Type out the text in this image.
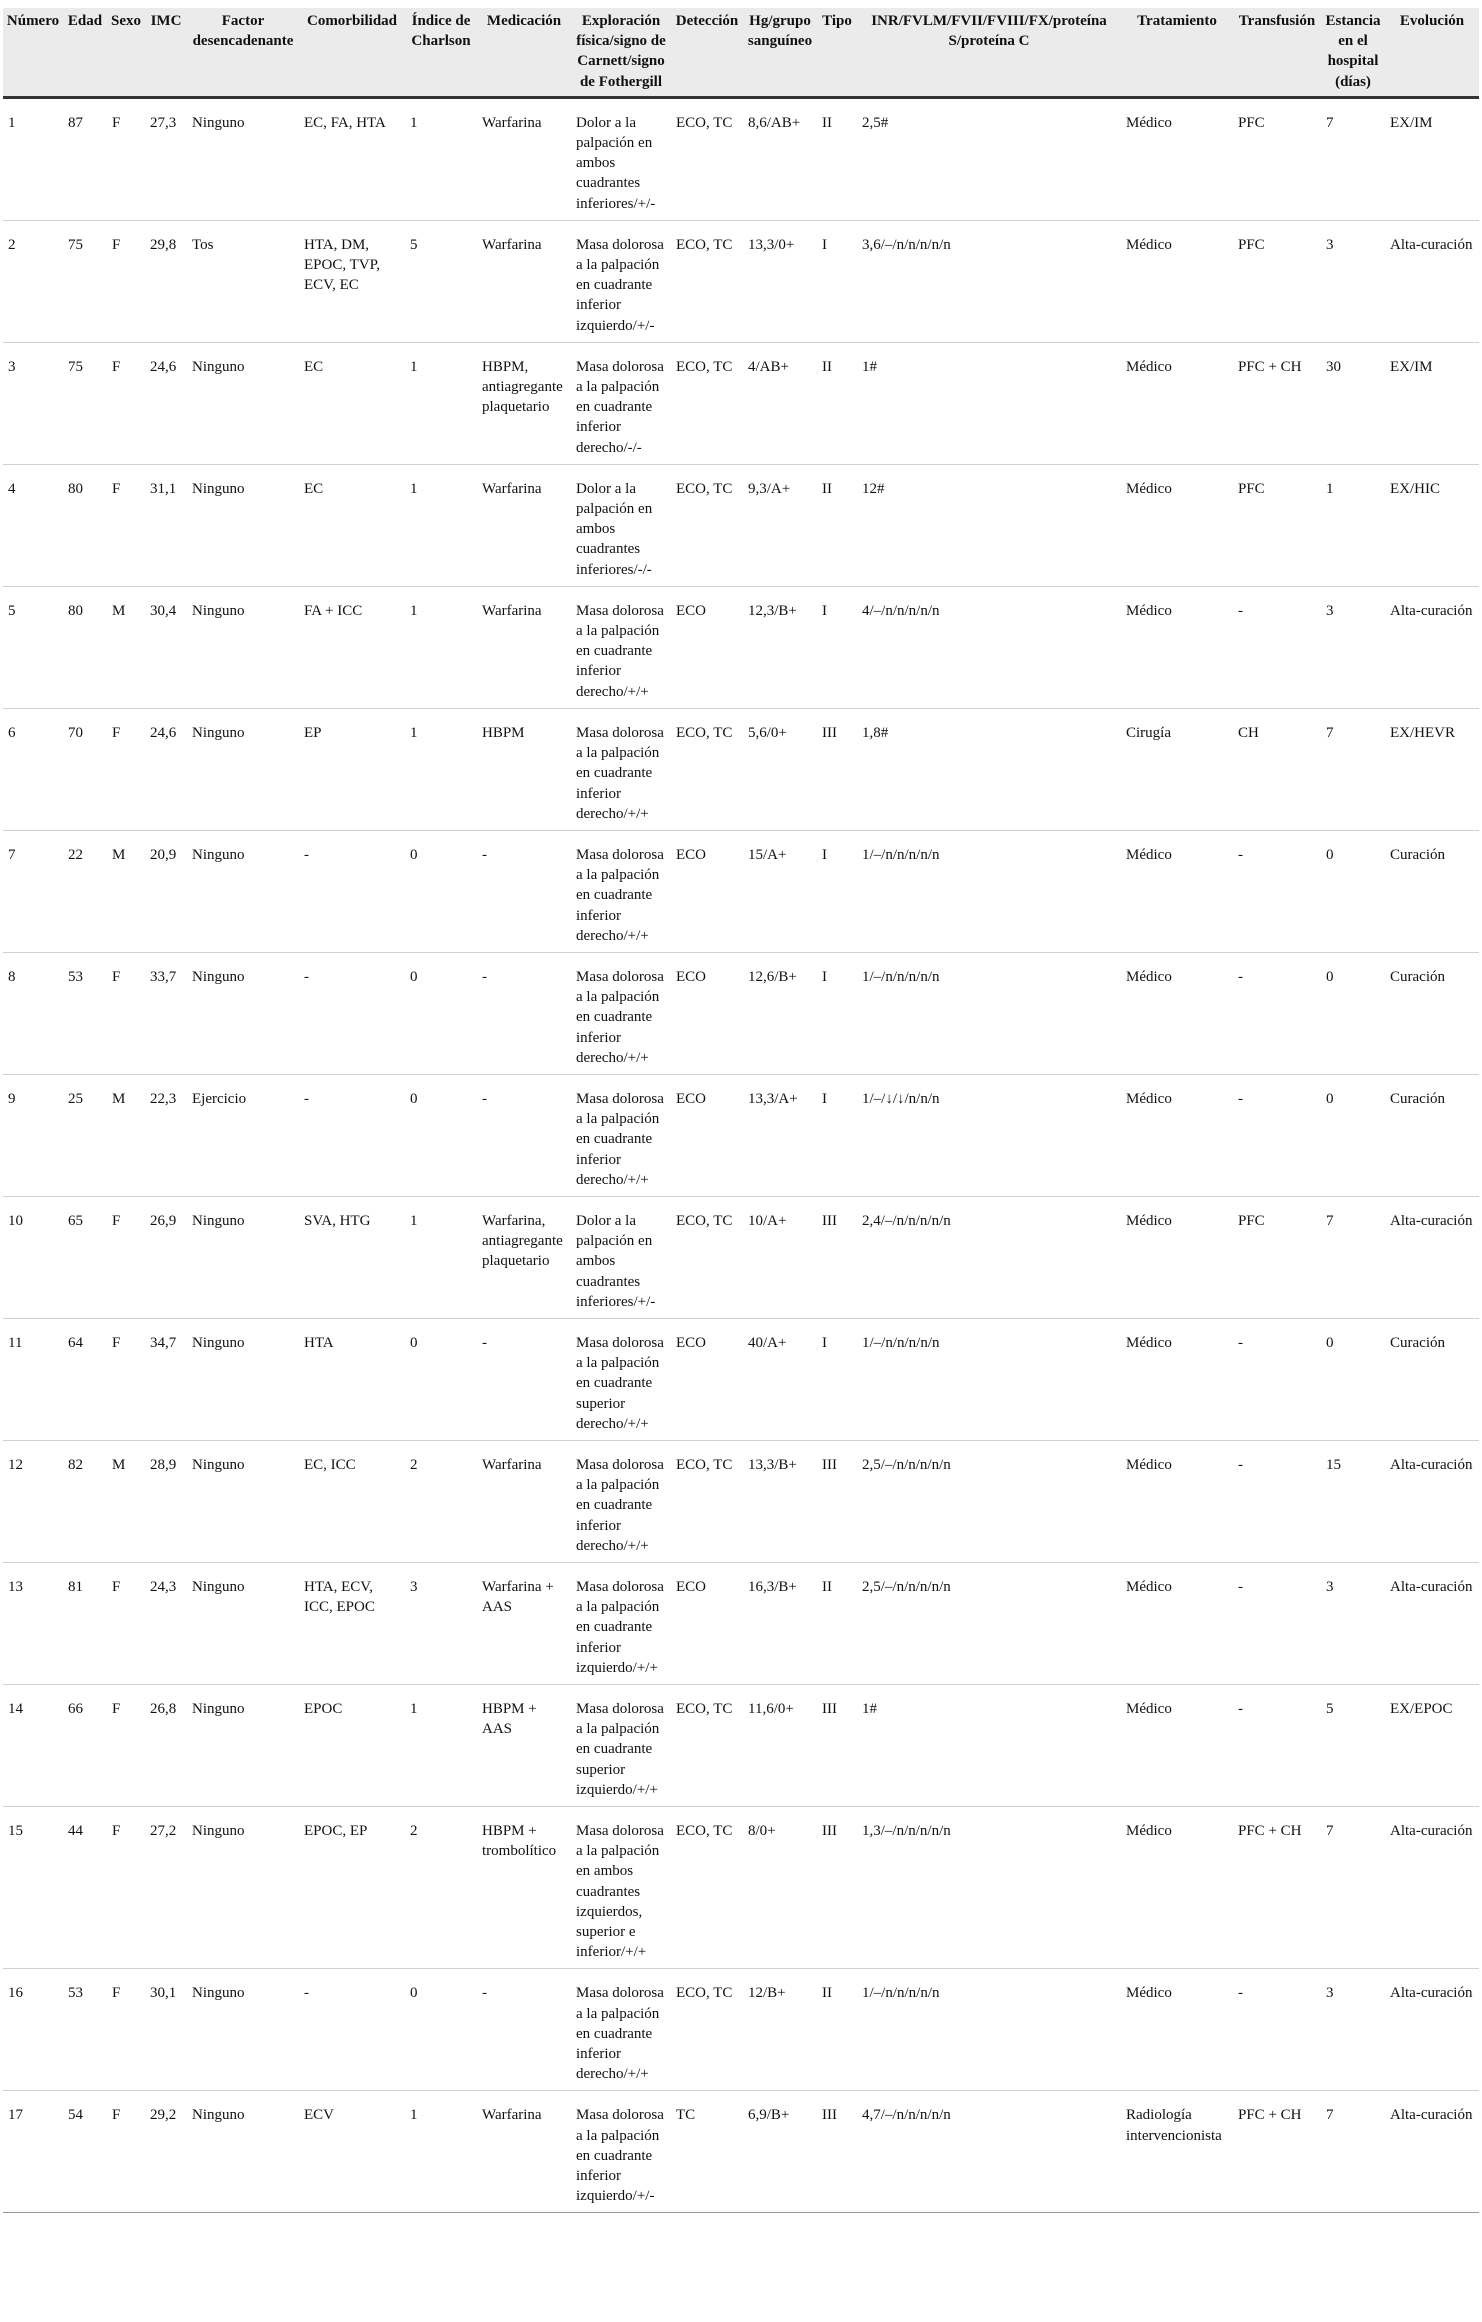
Número	Edad	Sexo	IMC	Factor desencadenante	Comorbilidad	Índice de Charlson	Medicación	Exploración física/signo de Carnett/signo de Fothergill	Detección	Hg/grupo sanguíneo	Tipo	INR/FVLM/FVII/FVIII/FX/proteína S/proteína C	Tratamiento	Transfusión	Estancia en el hospital (días)	Evolución
1	87	F	27,3	Ninguno	EC, FA, HTA	1	Warfarina	Dolor a la palpación en ambos cuadrantes inferiores/+/-	ECO, TC	8,6/AB+	II	2,5#	Médico	PFC	7	EX/IM
2	75	F	29,8	Tos	HTA, DM, EPOC, TVP, ECV, EC	5	Warfarina	Masa dolorosa a la palpación en cuadrante inferior izquierdo/+/-	ECO, TC	13,3/0+	I	3,6/–/n/n/n/n/n	Médico	PFC	3	Alta-curación
3	75	F	24,6	Ninguno	EC	1	HBPM, antiagregante plaquetario	Masa dolorosa a la palpación en cuadrante inferior derecho/-/-	ECO, TC	4/AB+	II	1#	Médico	PFC + CH	30	EX/IM
4	80	F	31,1	Ninguno	EC	1	Warfarina	Dolor a la palpación en ambos cuadrantes inferiores/-/-	ECO, TC	9,3/A+	II	12#	Médico	PFC	1	EX/HIC
5	80	M	30,4	Ninguno	FA + ICC	1	Warfarina	Masa dolorosa a la palpación en cuadrante inferior derecho/+/+	ECO	12,3/B+	I	4/–/n/n/n/n/n	Médico	-	3	Alta-curación
6	70	F	24,6	Ninguno	EP	1	HBPM	Masa dolorosa a la palpación en cuadrante inferior derecho/+/+	ECO, TC	5,6/0+	III	1,8#	Cirugía	CH	7	EX/HEVR
7	22	M	20,9	Ninguno	-	0	-	Masa dolorosa a la palpación en cuadrante inferior derecho/+/+	ECO	15/A+	I	1/–/n/n/n/n/n	Médico	-	0	Curación
8	53	F	33,7	Ninguno	-	0	-	Masa dolorosa a la palpación en cuadrante inferior derecho/+/+	ECO	12,6/B+	I	1/–/n/n/n/n/n	Médico	-	0	Curación
9	25	M	22,3	Ejercicio	-	0	-	Masa dolorosa a la palpación en cuadrante inferior derecho/+/+	ECO	13,3/A+	I	1/–/↓/↓/n/n/n	Médico	-	0	Curación
10	65	F	26,9	Ninguno	SVA, HTG	1	Warfarina, antiagregante plaquetario	Dolor a la palpación en ambos cuadrantes inferiores/+/-	ECO, TC	10/A+	III	2,4/–/n/n/n/n/n	Médico	PFC	7	Alta-curación
11	64	F	34,7	Ninguno	HTA	0	-	Masa dolorosa a la palpación en cuadrante superior derecho/+/+	ECO	40/A+	I	1/–/n/n/n/n/n	Médico	-	0	Curación
12	82	M	28,9	Ninguno	EC, ICC	2	Warfarina	Masa dolorosa a la palpación en cuadrante inferior derecho/+/+	ECO, TC	13,3/B+	III	2,5/–/n/n/n/n/n	Médico	-	15	Alta-curación
13	81	F	24,3	Ninguno	HTA, ECV, ICC, EPOC	3	Warfarina + AAS	Masa dolorosa a la palpación en cuadrante inferior izquierdo/+/+	ECO	16,3/B+	II	2,5/–/n/n/n/n/n	Médico	-	3	Alta-curación
14	66	F	26,8	Ninguno	EPOC	1	HBPM + AAS	Masa dolorosa a la palpación en cuadrante superior izquierdo/+/+	ECO, TC	11,6/0+	III	1#	Médico	-	5	EX/EPOC
15	44	F	27,2	Ninguno	EPOC, EP	2	HBPM + trombolítico	Masa dolorosa a la palpación en ambos cuadrantes izquierdos, superior e inferior/+/+	ECO, TC	8/0+	III	1,3/–/n/n/n/n/n	Médico	PFC + CH	7	Alta-curación
16	53	F	30,1	Ninguno	-	0	-	Masa dolorosa a la palpación en cuadrante inferior derecho/+/+	ECO, TC	12/B+	II	1/–/n/n/n/n/n	Médico	-	3	Alta-curación
17	54	F	29,2	Ninguno	ECV	1	Warfarina	Masa dolorosa a la palpación en cuadrante inferior izquierdo/+/-	TC	6,9/B+	III	4,7/–/n/n/n/n/n	Radiología intervencionista	PFC + CH	7	Alta-curación
